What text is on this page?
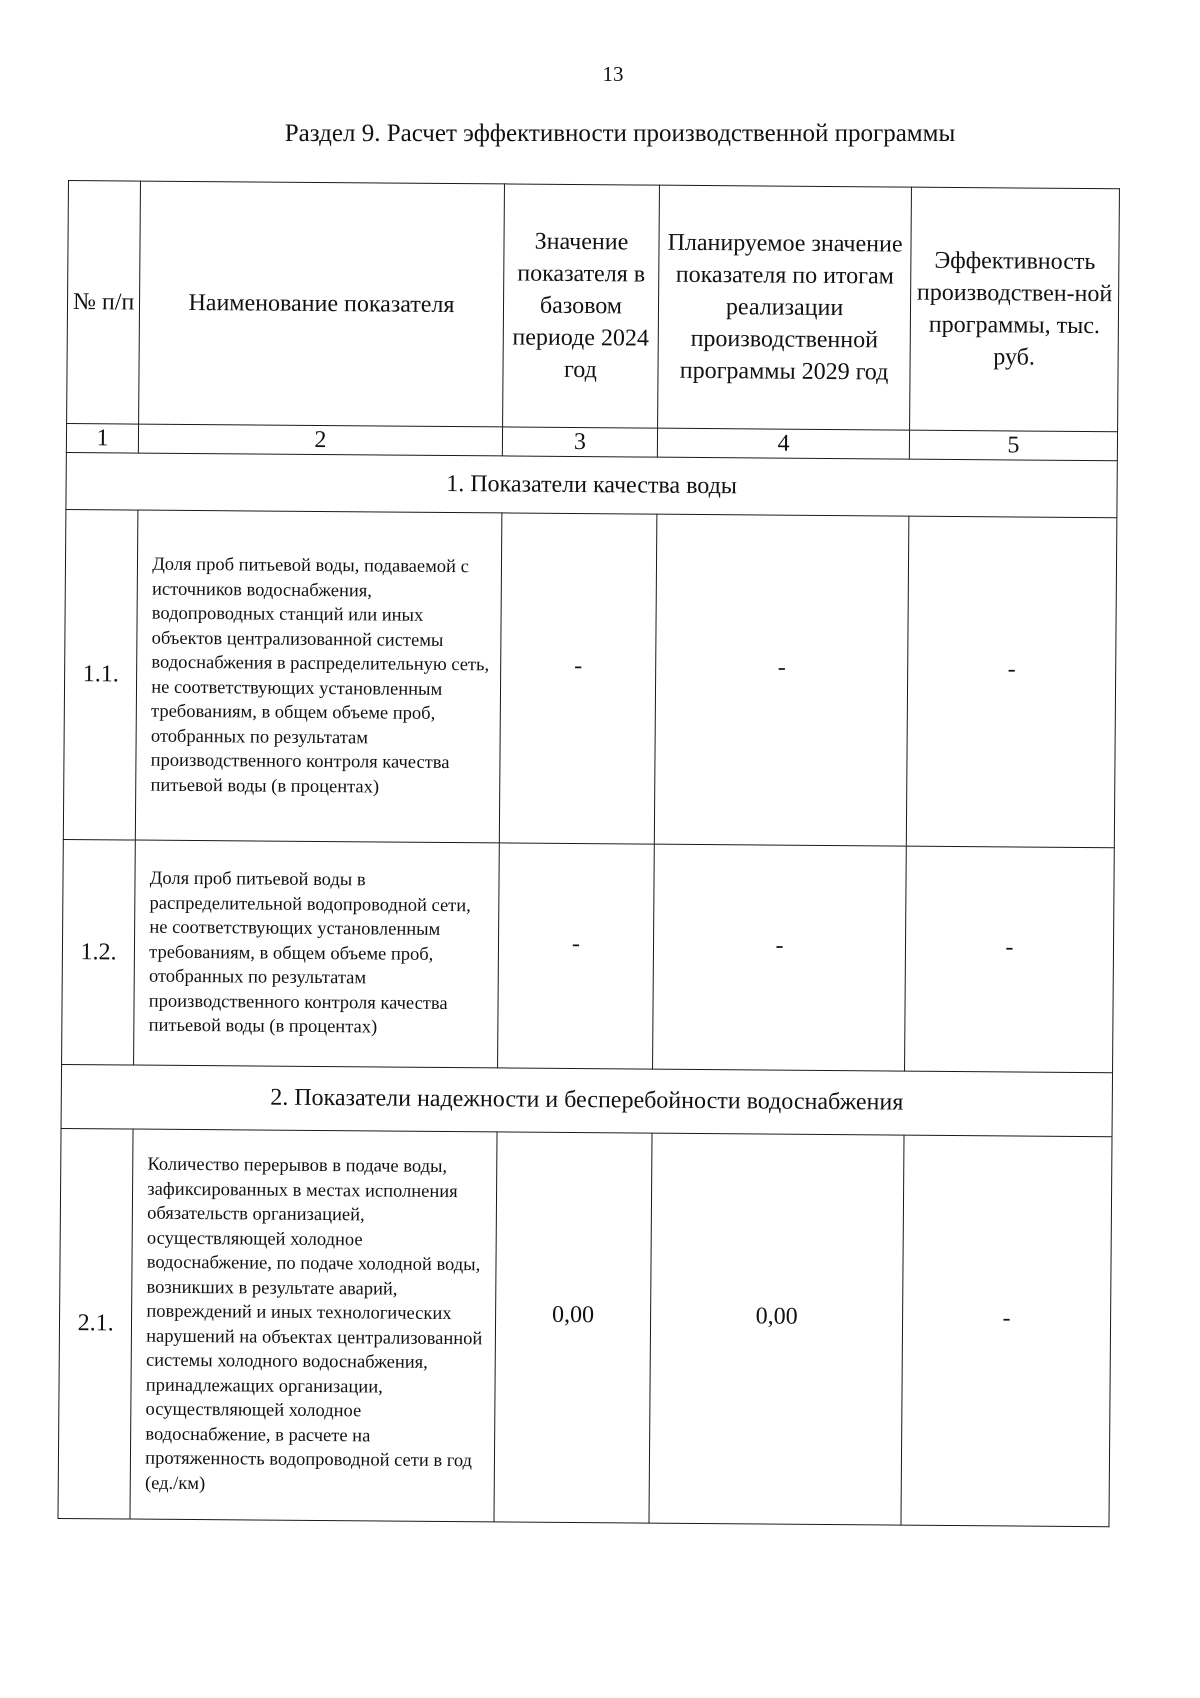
13
Раздел 9. Расчет эффективности производственной программы
№ п/п	Наименование показателя	Значение показателя в базовом периоде 2024 год	Планируемое значение показателя по итогам реализации производственной программы 2029 год	Эффективность производствен-ной программы, тыс. руб.
1	2	3	4	5
1. Показатели качества воды				
1.1.	Доля проб питьевой воды, подаваемой с источников водоснабжения, водопроводных станций или иных объектов централизованной системы водоснабжения в распределительную сеть, не соответствующих установленным требованиям, в общем объеме проб, отобранных по результатам производственного контроля качества питьевой воды (в процентах)	-	-	-
1.2.	Доля проб питьевой воды в распределительной водопроводной сети, не соответствующих установленным требованиям, в общем объеме проб, отобранных по результатам производственного контроля качества питьевой воды (в процентах)	-	-	-
2. Показатели надежности и бесперебойности водоснабжения				
2.1.	Количество перерывов в подаче воды, зафиксированных в местах исполнения обязательств организацией, осуществляющей холодное водоснабжение, по подаче холодной воды, возникших в результате аварий, повреждений и иных технологических нарушений на объектах централизованной системы холодного водоснабжения, принадлежащих организации, осуществляющей холодное водоснабжение, в расчете на протяженность водопроводной сети в год (ед./км)	0,00	0,00	-
